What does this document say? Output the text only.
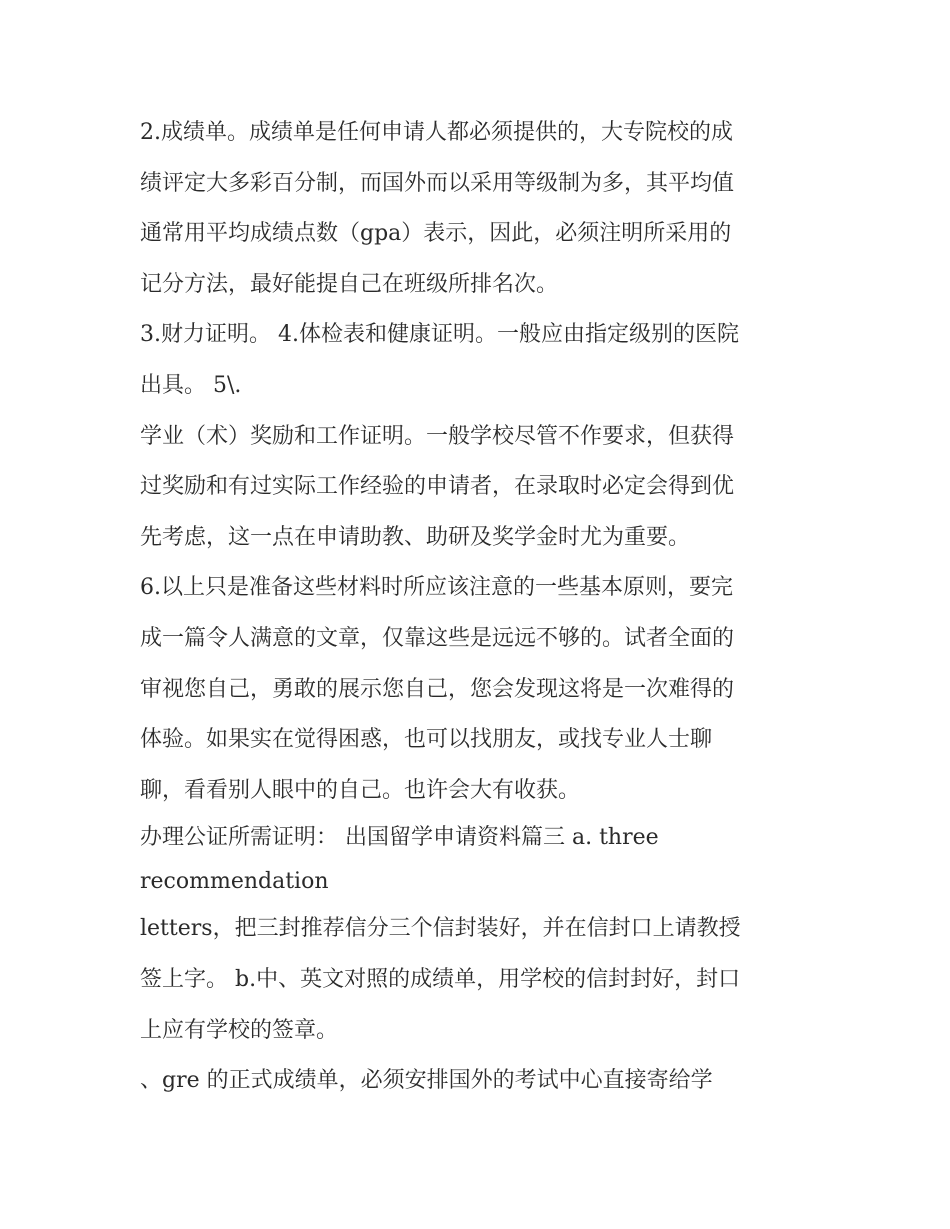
2.成绩单。成绩单是任何申请人都必须提供的，大专院校的成
绩评定大多彩百分制，而国外而以采用等级制为多，其平均值
通常用平均成绩点数（gpa）表示，因此，必须注明所采用的
记分方法，最好能提自己在班级所排名次。
3.财力证明。 4.体检表和健康证明。一般应由指定级别的医院
出具。 5\.
学业（术）奖励和工作证明。一般学校尽管不作要求，但获得
过奖励和有过实际工作经验的申请者，在录取时必定会得到优
先考虑，这一点在申请助教、助研及奖学金时尤为重要。
6.以上只是准备这些材料时所应该注意的一些基本原则，要完
成一篇令人满意的文章，仅靠这些是远远不够的。试者全面的
审视您自己，勇敢的展示您自己，您会发现这将是一次难得的
体验。如果实在觉得困惑，也可以找朋友，或找专业人士聊
聊，看看别人眼中的自己。也许会大有收获。
办理公证所需证明： 出国留学申请资料篇三 a. three
recommendation
letters，把三封推荐信分三个信封装好，并在信封口上请教授
签上字。 b.中、英文对照的成绩单，用学校的信封封好，封口
上应有学校的签章。
、gre 的正式成绩单，必须安排国外的考试中心直接寄给学
